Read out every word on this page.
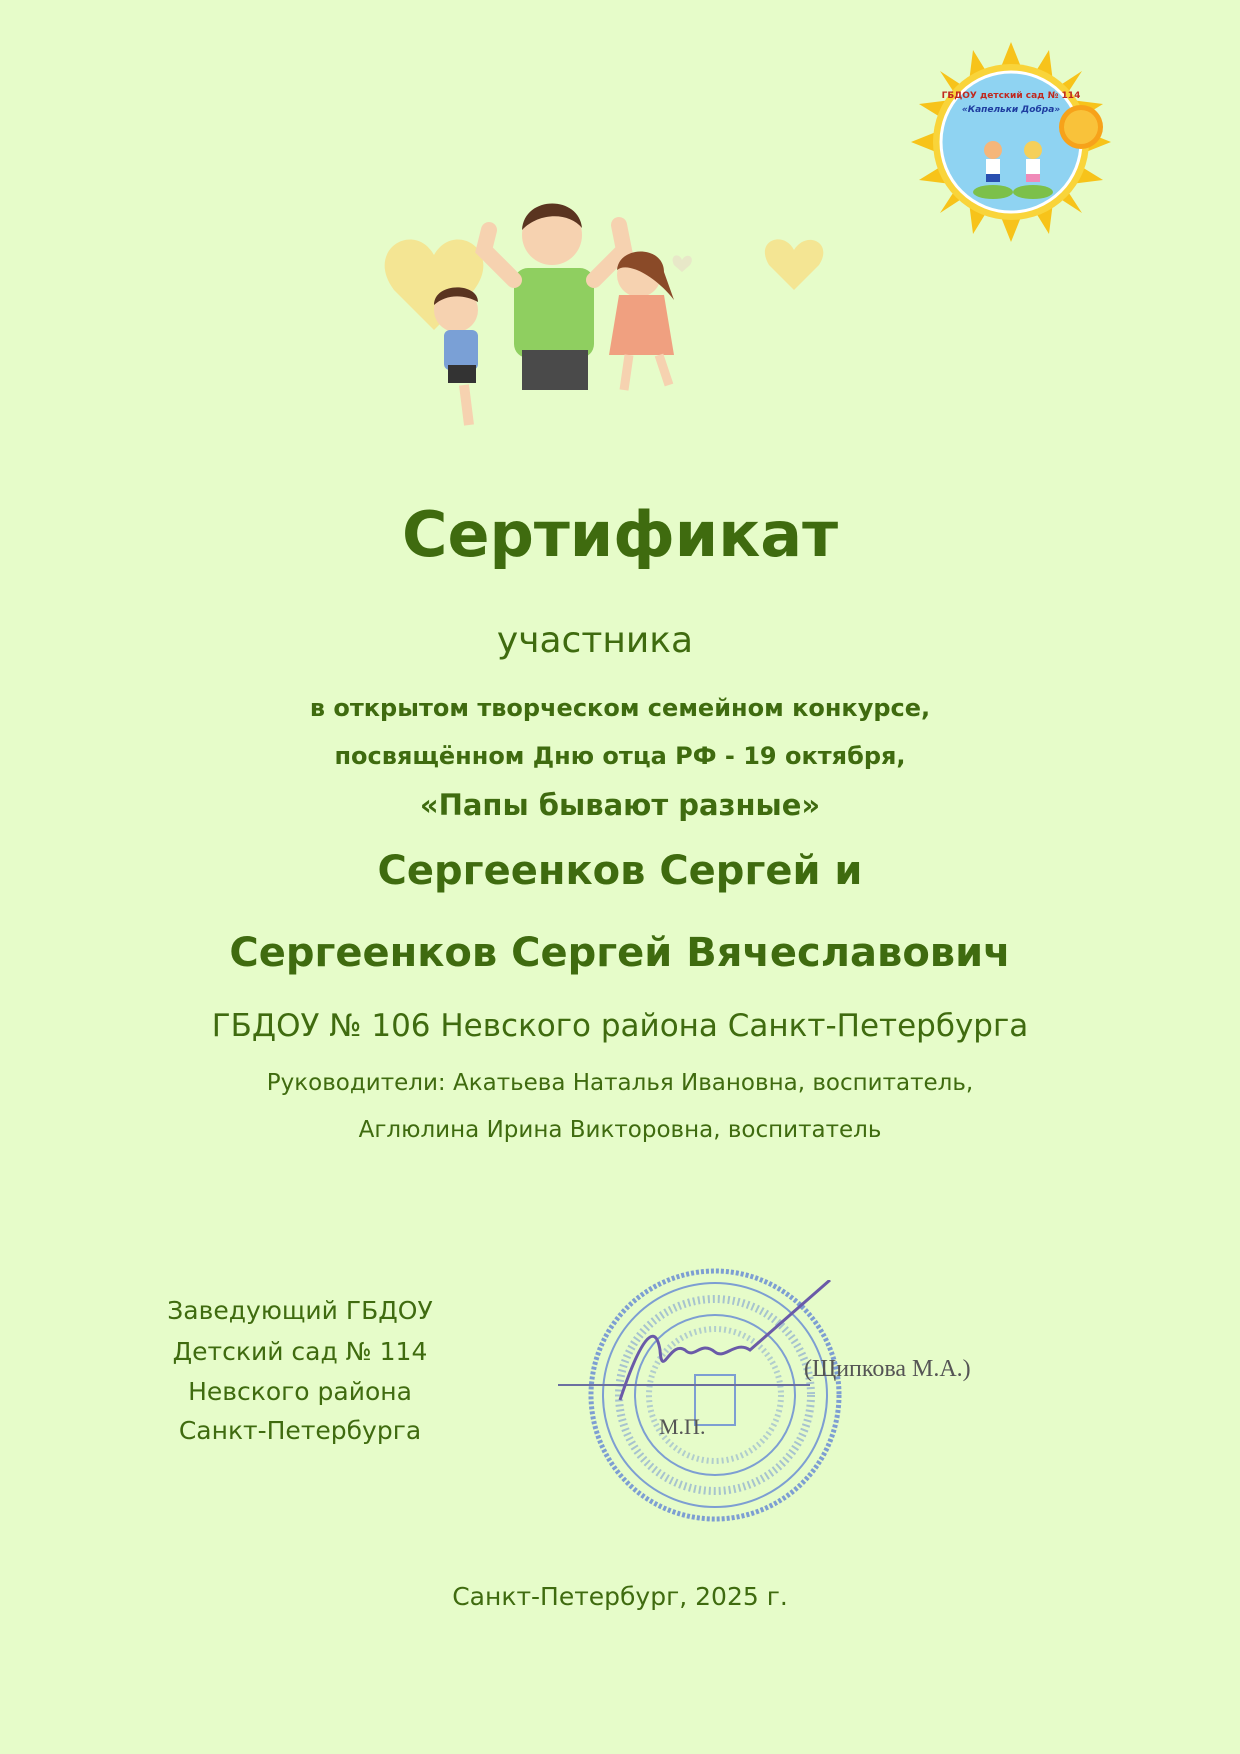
ГБДОУ детский сад № 114
«Капельки Добра»
Сертификат
участника
в открытом творческом семейном конкурсе,
посвящённом Дню отца РФ - 19 октября,
«Папы бывают разные»
Сергеенков Сергей и
Сергеенков Сергей Вячеславович
ГБДОУ № 106 Невского района Санкт-Петербурга
Руководители: Акатьева Наталья Ивановна, воспитатель,
Аглюлина Ирина Викторовна, воспитатель
Заведующий ГБДОУ
Детский сад № 114
Невского района
Санкт-Петербурга
(Щипкова М.А.)
М.П.
Санкт-Петербург, 2025 г.
